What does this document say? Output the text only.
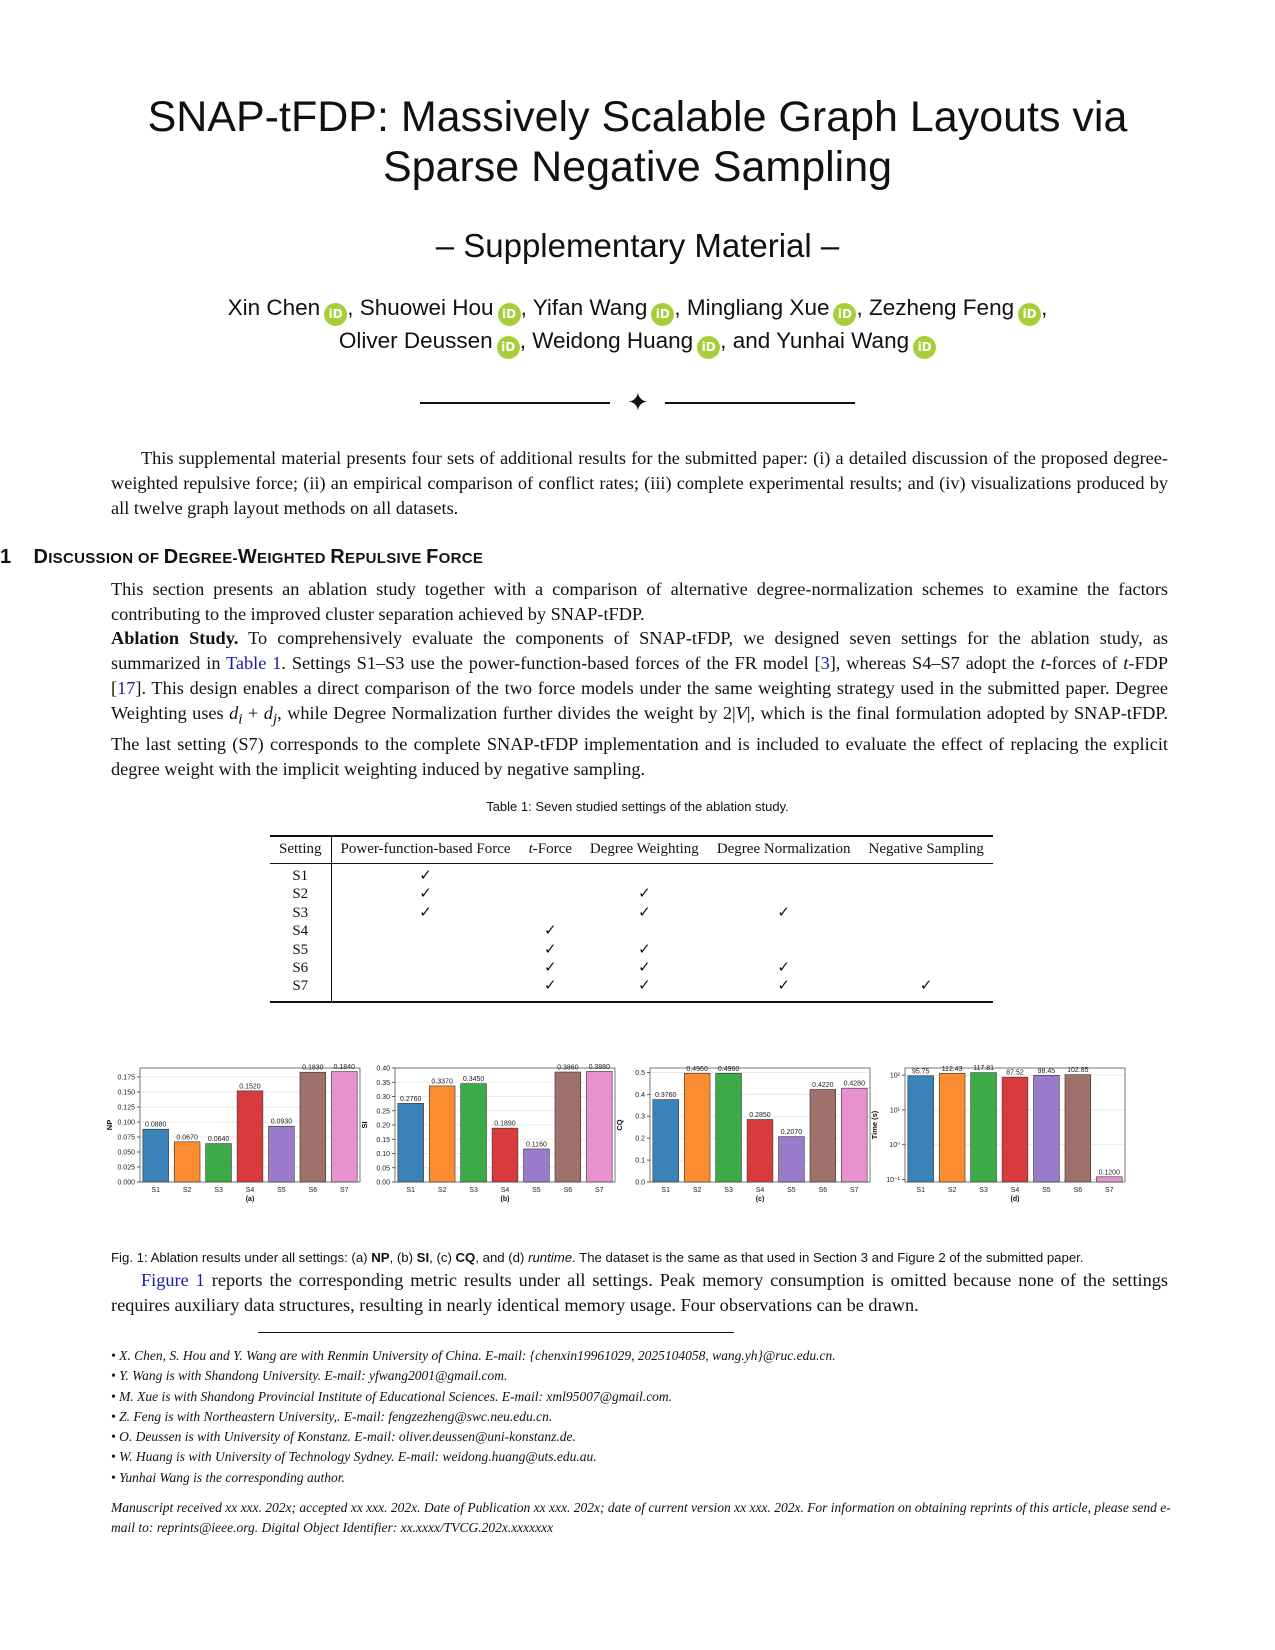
SNAP-tFDP: Massively Scalable Graph Layouts via
Sparse Negative Sampling
– Supplementary Material –
Xin Chen iD , Shuowei Hou iD , Yifan Wang iD , Mingliang Xue iD , Zezheng Feng iD ,
Oliver Deussen iD , Weidong Huang iD , and Yunhai Wang iD
✦
This supplemental material presents four sets of additional results for the submitted paper: (i) a detailed discussion of the proposed degree-weighted repulsive force; (ii) an empirical comparison of conflict rates; (iii) complete experimental results; and (iv) visualizations produced by all twelve graph layout methods on all datasets.
1 DISCUSSION OF DEGREE-WEIGHTED REPULSIVE FORCE
This section presents an ablation study together with a comparison of alternative degree-normalization schemes to examine the factors contributing to the improved cluster separation achieved by SNAP-tFDP.
Ablation Study. To comprehensively evaluate the components of SNAP-tFDP, we designed seven settings for the ablation study, as summarized in Table 1. Settings S1–S3 use the power-function-based forces of the FR model [3], whereas S4–S7 adopt the t-forces of t-FDP [17]. This design enables a direct comparison of the two force models under the same weighting strategy used in the submitted paper. Degree Weighting uses $d_i + d_j$, while Degree Normalization further divides the weight by 2|V|, which is the final formulation adopted by SNAP-tFDP. The last setting (S7) corresponds to the complete SNAP-tFDP implementation and is included to evaluate the effect of replacing the explicit degree weight with the implicit weighting induced by negative sampling.
Table 1: Seven studied settings of the ablation study.
Setting	Power-function-based Force	t-Force	Degree Weighting	Degree Normalization	Negative Sampling
S1	✓				
S2	✓		✓		
S3	✓		✓	✓	
S4		✓			
S5		✓	✓		
S6		✓	✓	✓	
S7		✓	✓	✓	✓
0.000
0.025
0.050
0.075
0.100
0.125
0.150
0.175
0.0880
S1
0.0670
S2
0.0640
S3
0.1520
S4
0.0930
S5
0.1830
S6
0.1840
S7
(a)
NP
0.00
0.05
0.10
0.15
0.20
0.25
0.30
0.35
0.40
0.2760
S1
0.3370
S2
0.3450
S3
0.1890
S4
0.1160
S5
0.3860
S6
0.3880
S7
(b)
SI
0.0
0.1
0.2
0.3
0.4
0.5
0.3760
S1
0.4960
S2
0.4960
S3
0.2850
S4
0.2070
S5
0.4220
S6
0.4280
S7
(c)
CQ
10⁻¹
10⁰
10¹
10²
95.75
S1
112.43
S2
117.81
S3
87.52
S4
98.45
S5
102.85
S6
0.1200
S7
(d)
Time (s)
Fig. 1: Ablation results under all settings: (a) NP, (b) SI, (c) CQ, and (d) runtime. The dataset is the same as that used in Section 3 and Figure 2 of the submitted paper.
Figure 1 reports the corresponding metric results under all settings. Peak memory consumption is omitted because none of the settings requires auxiliary data structures, resulting in nearly identical memory usage. Four observations can be drawn.
• X. Chen, S. Hou and Y. Wang are with Renmin University of China. E-mail: {chenxin19961029, 2025104058, wang.yh}@ruc.edu.cn.
• Y. Wang is with Shandong University. E-mail: yfwang2001@gmail.com.
• M. Xue is with Shandong Provincial Institute of Educational Sciences. E-mail: xml95007@gmail.com.
• Z. Feng is with Northeastern University,. E-mail: fengzezheng@swc.neu.edu.cn.
• O. Deussen is with University of Konstanz. E-mail: oliver.deussen@uni-konstanz.de.
• W. Huang is with University of Technology Sydney. E-mail: weidong.huang@uts.edu.au.
• Yunhai Wang is the corresponding author.
Manuscript received xx xxx. 202x; accepted xx xxx. 202x. Date of Publication xx xxx. 202x; date of current version xx xxx. 202x. For information on obtaining reprints of this article, please send e-mail to: reprints@ieee.org. Digital Object Identifier: xx.xxxx/TVCG.202x.xxxxxxx
